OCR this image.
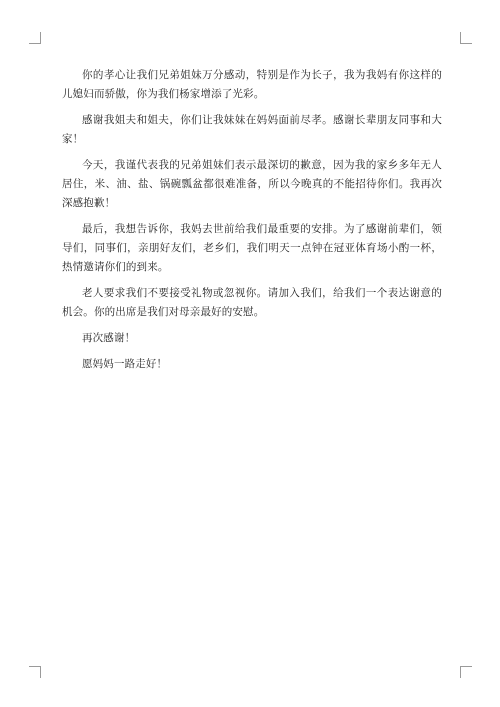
你的孝心让我们兄弟姐妹万分感动，特别是作为长子，我为我妈有你这样的儿媳妇而骄傲，你为我们杨家增添了光彩。

感谢我姐夫和姐夫，你们让我妹妹在妈妈面前尽孝。感谢长辈朋友同事和大家！

今天，我谨代表我的兄弟姐妹们表示最深切的歉意，因为我的家乡多年无人居住，米、油、盐、锅碗瓢盆都很难准备，所以今晚真的不能招待你们。我再次深感抱歉！

最后，我想告诉你，我妈去世前给我们最重要的安排。为了感谢前辈们，领导们，同事们，亲朋好友们，老乡们，我们明天一点钟在冠亚体育场小酌一杯，热情邀请你们的到来。

老人要求我们不要接受礼物或忽视你。请加入我们，给我们一个表达谢意的机会。你的出席是我们对母亲最好的安慰。

再次感谢！

愿妈妈一路走好！
